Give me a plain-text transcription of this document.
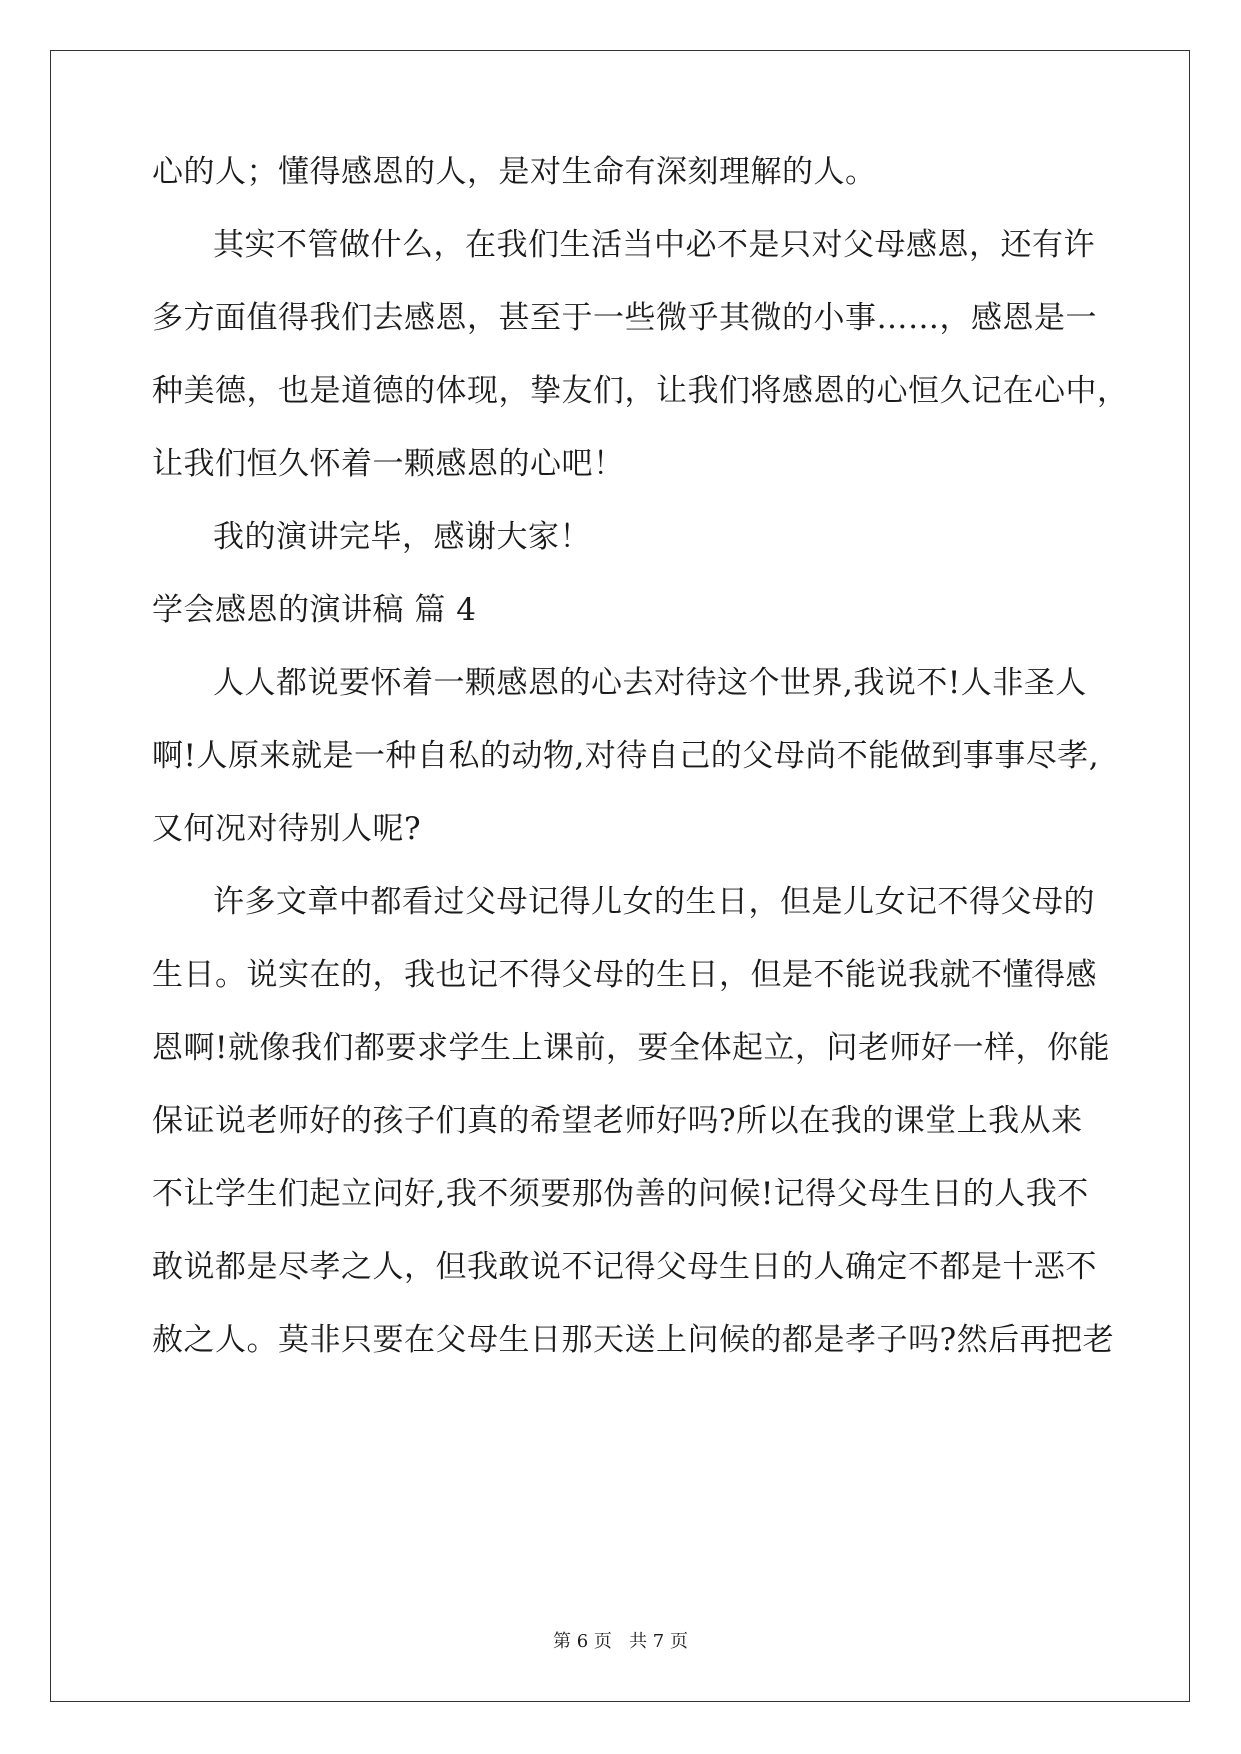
心的人；懂得感恩的人，是对生命有深刻理解的人。
其实不管做什么，在我们生活当中必不是只对父母感恩，还有许
多方面值得我们去感恩，甚至于一些微乎其微的小事……，感恩是一
种美德，也是道德的体现，挚友们，让我们将感恩的心恒久记在心中，
让我们恒久怀着一颗感恩的心吧！
我的演讲完毕，感谢大家！
学会感恩的演讲稿 篇 4
人人都说要怀着一颗感恩的心去对待这个世界,我说不!人非圣人
啊!人原来就是一种自私的动物,对待自己的父母尚不能做到事事尽孝,
又何况对待别人呢?
许多文章中都看过父母记得儿女的生日，但是儿女记不得父母的
生日。说实在的，我也记不得父母的生日，但是不能说我就不懂得感
恩啊!就像我们都要求学生上课前，要全体起立，问老师好一样，你能
保证说老师好的孩子们真的希望老师好吗?所以在我的课堂上我从来
不让学生们起立问好,我不须要那伪善的问候!记得父母生日的人我不
敢说都是尽孝之人，但我敢说不记得父母生日的人确定不都是十恶不
赦之人。莫非只要在父母生日那天送上问候的都是孝子吗?然后再把老
第 6 页   共 7 页
